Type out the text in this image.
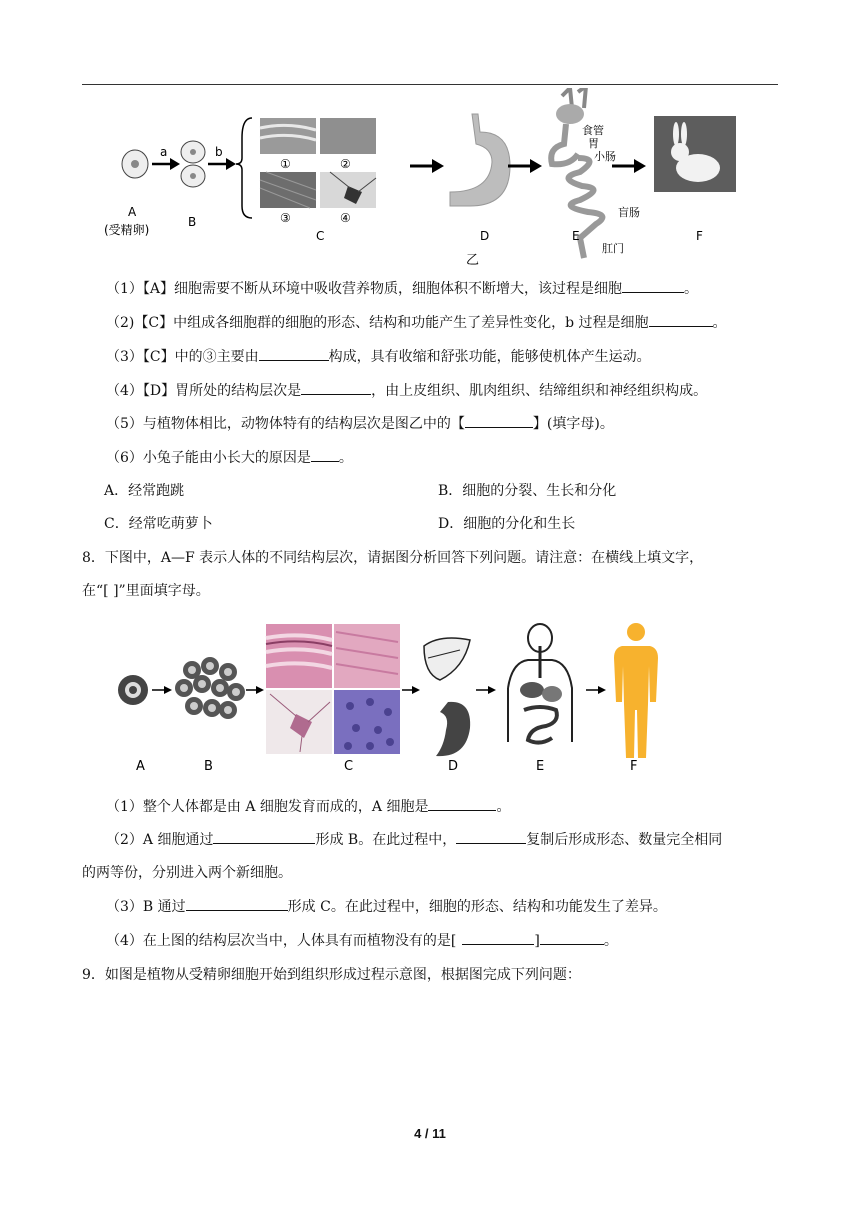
A
(受精卵)
a
B
b
①	②
③	④
C	D
食管
胃
小肠
盲肠
肛门
E	F
乙
（1）【A】细胞需要不断从环境中吸收营养物质，细胞体积不断增大，该过程是细胞	。
（2)【C】中组成各细胞群的细胞的形态、结构和功能产生了差异性变化，b 过程是细胞	。
（3）【C】中的③主要由	构成，具有收缩和舒张功能，能够使机体产生运动。
（4）【D】胃所处的结构层次是	，由上皮组织、肌肉组织、结缔组织和神经组织构成。
（5）与植物体相比，动物体特有的结构层次是图乙中的【	】(填字母)。
（6）小兔子能由小长大的原因是 。
A．经常跑跳	B．细胞的分裂、生长和分化
C．经常吃萌萝卜	D．细胞的分化和生长
8．下图中，A—F 表示人体的不同结构层次，请据图分析回答下列问题。请注意：在横线上填文字，
在“[ ]”里面填字母。
A	B	C	D	E	F
（1）整个人体都是由 A 细胞发育而成的，A 细胞是	。
（2）A 细胞通过	形成 B。在此过程中，	复制后形成形态、数量完全相同
的两等份，分别进入两个新细胞。
（3）B 通过	形成 C。在此过程中，细胞的形态、结构和功能发生了差异。
（4）在上图的结构层次当中，人体具有而植物没有的是[	]	。
9．如图是植物从受精卵细胞开始到组织形成过程示意图，根据图完成下列问题：
4 / 11
